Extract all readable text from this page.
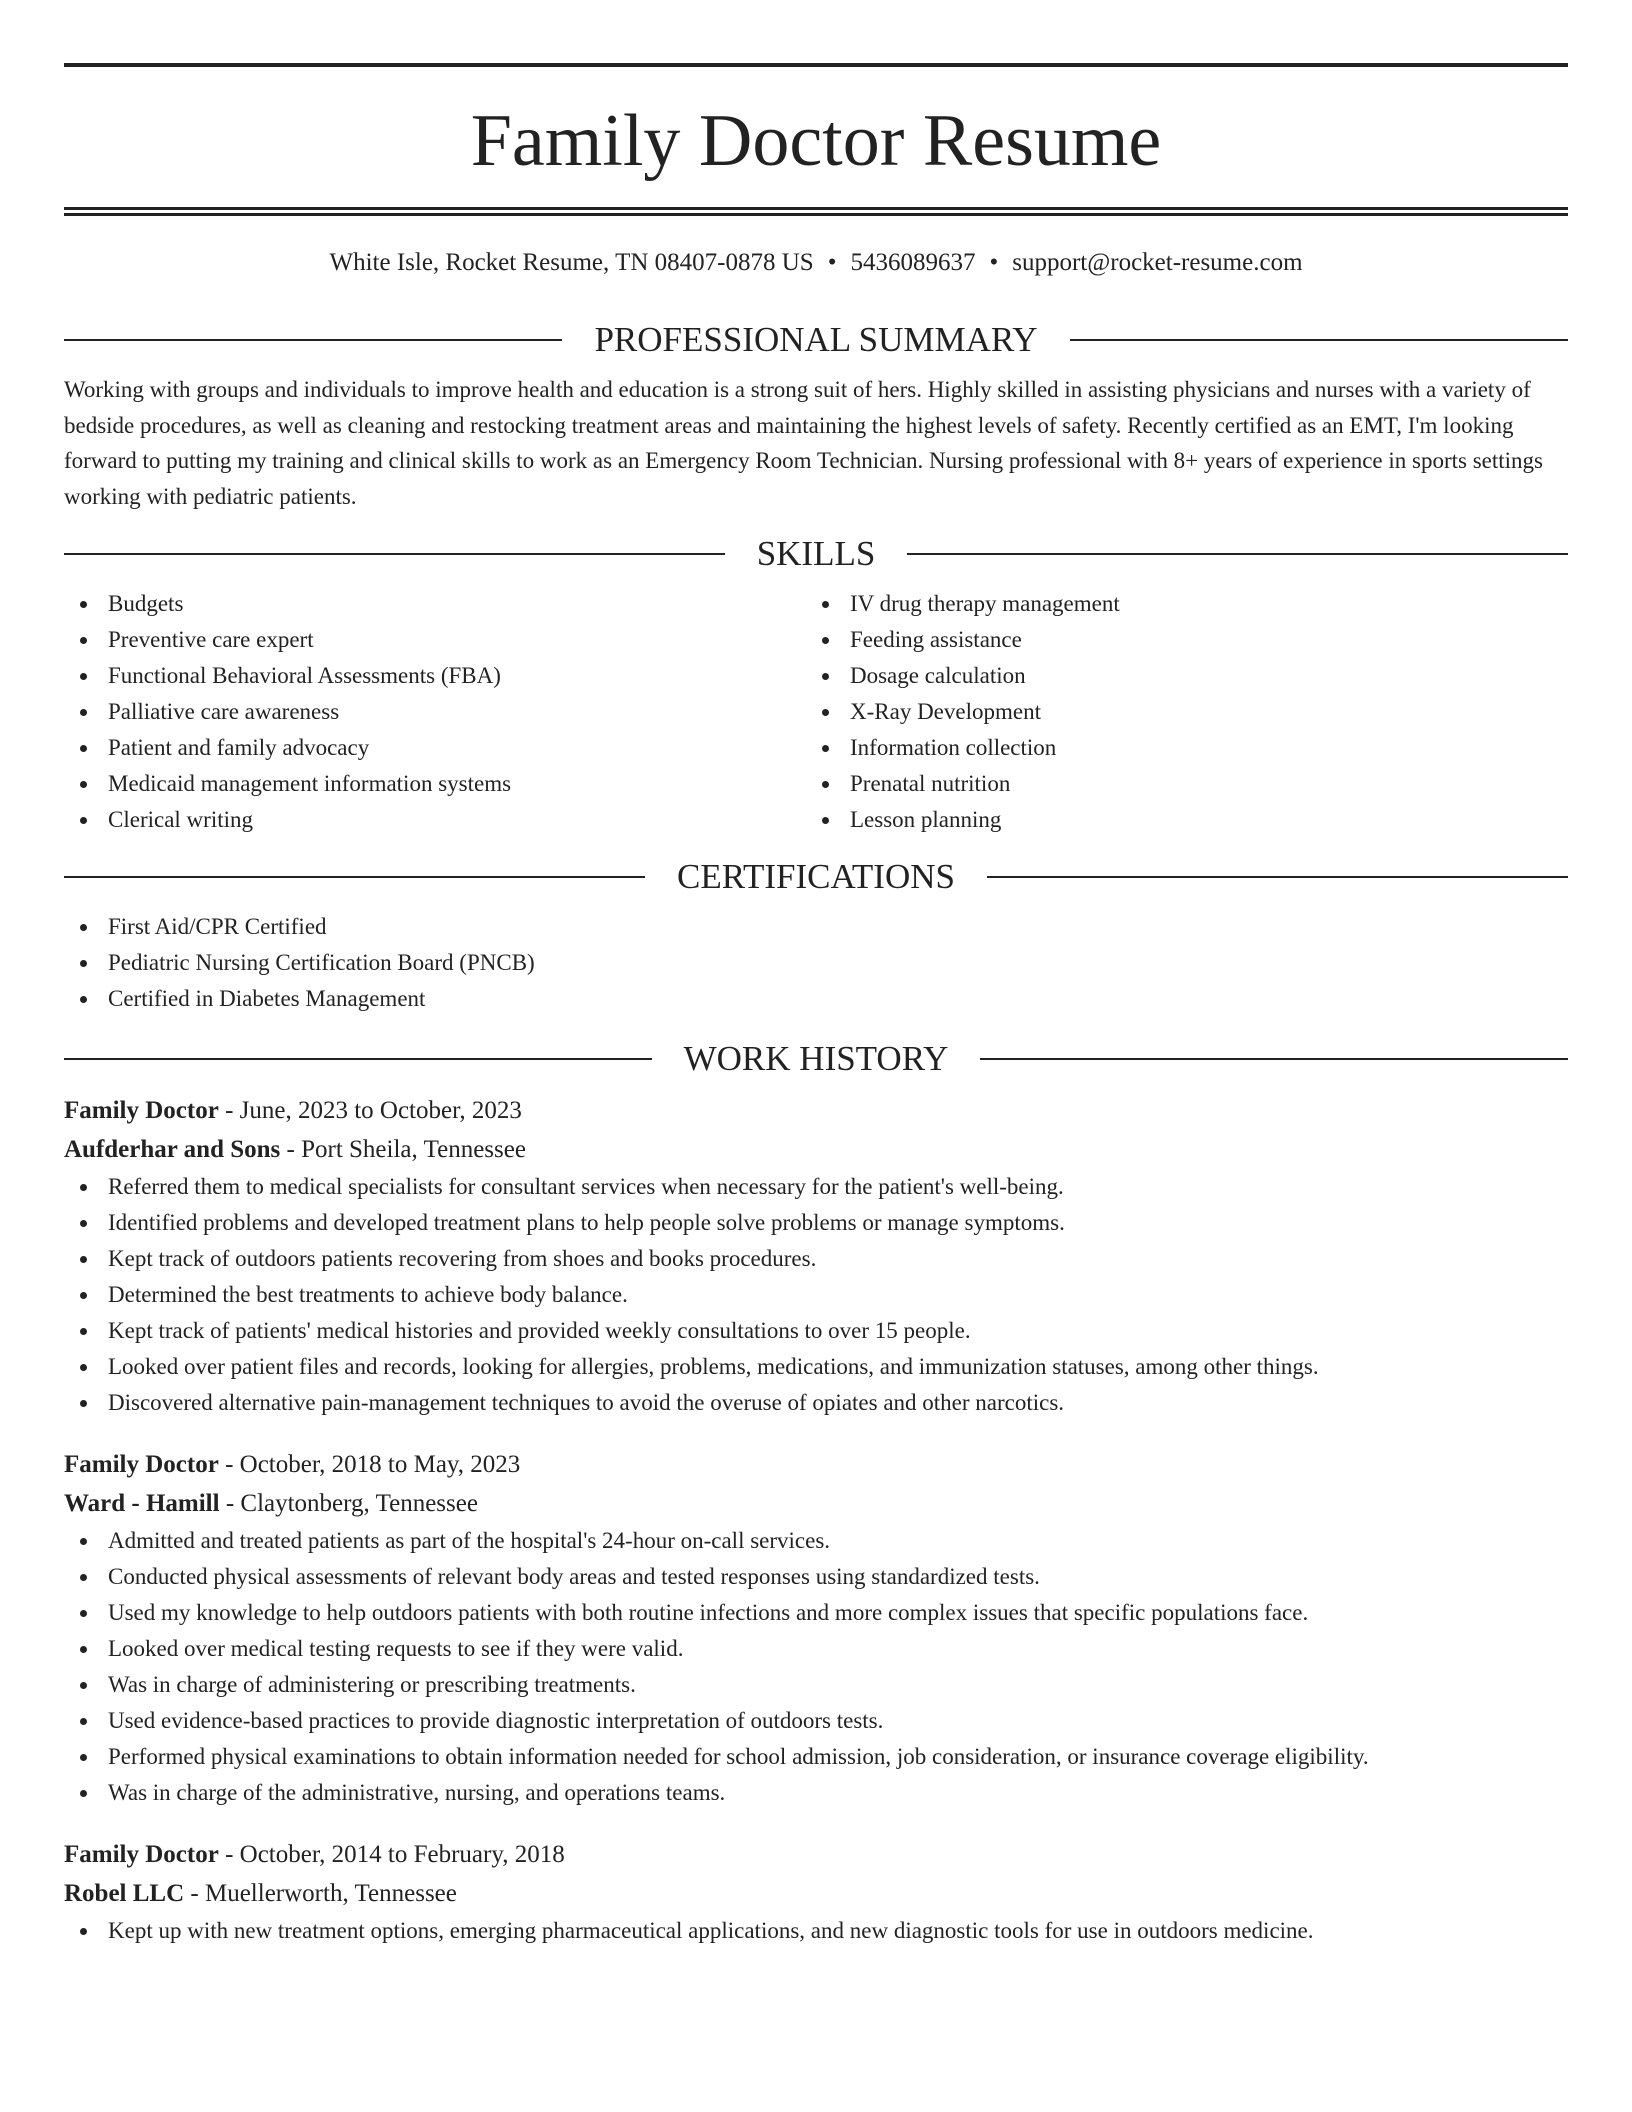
Family Doctor Resume
White Isle, Rocket Resume, TN 08407-0878 US • 5436089637 • support@rocket-resume.com
PROFESSIONAL SUMMARY
Working with groups and individuals to improve health and education is a strong suit of hers. Highly skilled in assisting physicians and nurses with a variety of bedside procedures, as well as cleaning and restocking treatment areas and maintaining the highest levels of safety. Recently certified as an EMT, I'm looking forward to putting my training and clinical skills to work as an Emergency Room Technician. Nursing professional with 8+ years of experience in sports settings working with pediatric patients.
SKILLS
Budgets
Preventive care expert
Functional Behavioral Assessments (FBA)
Palliative care awareness
Patient and family advocacy
Medicaid management information systems
Clerical writing
IV drug therapy management
Feeding assistance
Dosage calculation
X-Ray Development
Information collection
Prenatal nutrition
Lesson planning
CERTIFICATIONS
First Aid/CPR Certified
Pediatric Nursing Certification Board (PNCB)
Certified in Diabetes Management
WORK HISTORY
Family Doctor - June, 2023 to October, 2023
Aufderhar and Sons - Port Sheila, Tennessee
Referred them to medical specialists for consultant services when necessary for the patient's well-being.
Identified problems and developed treatment plans to help people solve problems or manage symptoms.
Kept track of outdoors patients recovering from shoes and books procedures.
Determined the best treatments to achieve body balance.
Kept track of patients' medical histories and provided weekly consultations to over 15 people.
Looked over patient files and records, looking for allergies, problems, medications, and immunization statuses, among other things.
Discovered alternative pain-management techniques to avoid the overuse of opiates and other narcotics.
Family Doctor - October, 2018 to May, 2023
Ward - Hamill - Claytonberg, Tennessee
Admitted and treated patients as part of the hospital's 24-hour on-call services.
Conducted physical assessments of relevant body areas and tested responses using standardized tests.
Used my knowledge to help outdoors patients with both routine infections and more complex issues that specific populations face.
Looked over medical testing requests to see if they were valid.
Was in charge of administering or prescribing treatments.
Used evidence-based practices to provide diagnostic interpretation of outdoors tests.
Performed physical examinations to obtain information needed for school admission, job consideration, or insurance coverage eligibility.
Was in charge of the administrative, nursing, and operations teams.
Family Doctor - October, 2014 to February, 2018
Robel LLC - Muellerworth, Tennessee
Kept up with new treatment options, emerging pharmaceutical applications, and new diagnostic tools for use in outdoors medicine.
